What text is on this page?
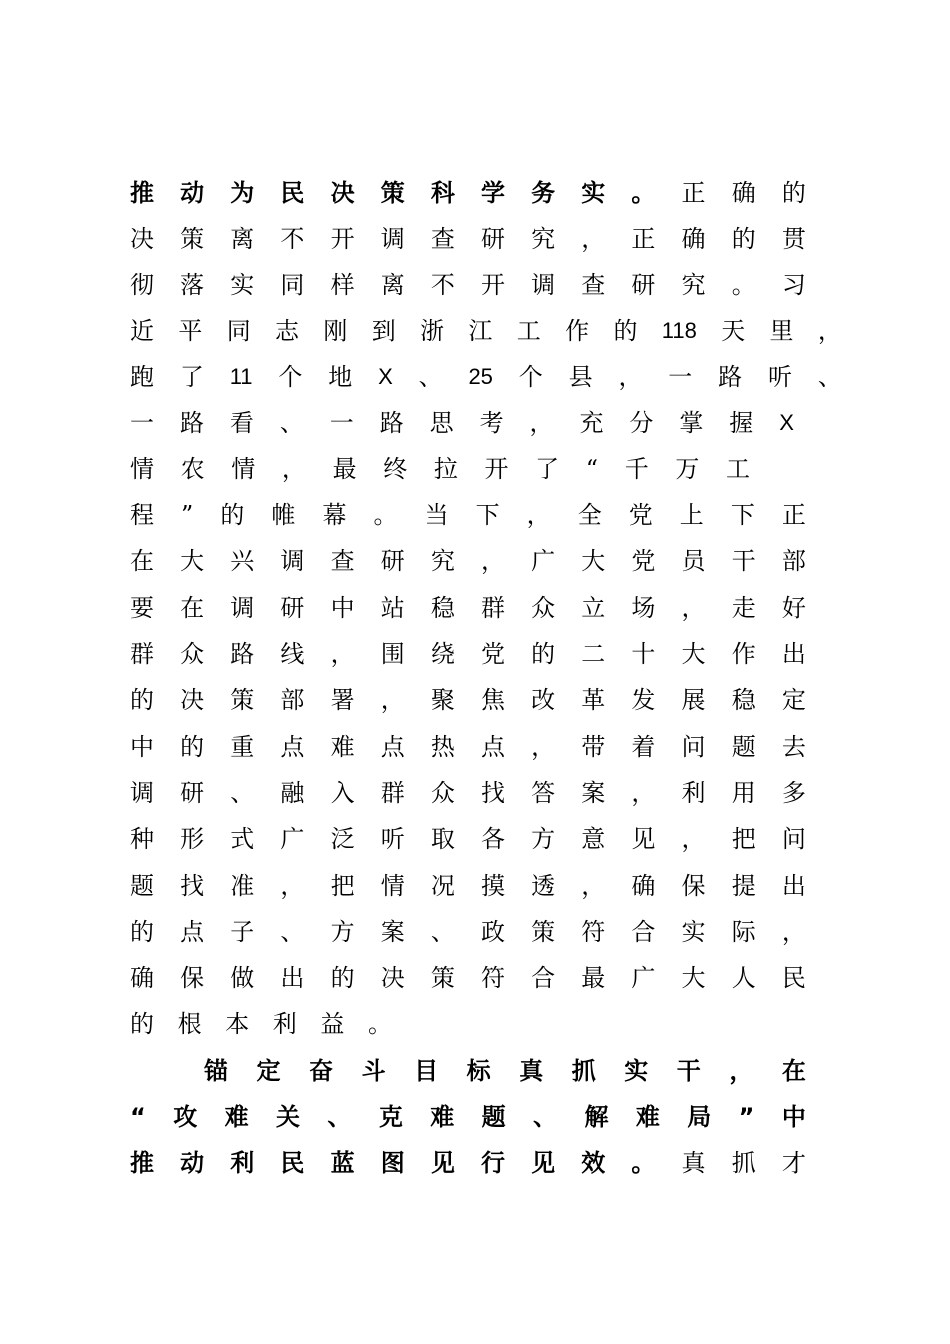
推 动 为 民 决 策 科 学 务 实 。 正 确 的
决 策 离 不 开 调 查 研 究 ， 正 确 的 贯
彻 落 实 同 样 离 不 开 调 查 研 究 。 习
近 平 同 志 刚 到 浙 江 工 作 的 118 天 里 ，
跑 了 11 个 地 X 、 25 个 县 ， 一 路 听 、
一 路 看 、 一 路 思 考 ， 充 分 掌 握 X
情 农 情 ， 最 终 拉 开 了 “ 千 万 工
程 ” 的 帷 幕 。 当 下 ， 全 党 上 下 正
在 大 兴 调 查 研 究 ， 广 大 党 员 干 部
要 在 调 研 中 站 稳 群 众 立 场 ， 走 好
群 众 路 线 ， 围 绕 党 的 二 十 大 作 出
的 决 策 部 署 ， 聚 焦 改 革 发 展 稳 定
中 的 重 点 难 点 热 点 ， 带 着 问 题 去
调 研 、 融 入 群 众 找 答 案 ， 利 用 多
种 形 式 广 泛 听 取 各 方 意 见 ， 把 问
题 找 准 ， 把 情 况 摸 透 ， 确 保 提 出
的 点 子 、 方 案 、 政 策 符 合 实 际 ，
确 保 做 出 的 决 策 符 合 最 广 大 人 民
的 根 本 利 益 。
锚 定 奋 斗 目 标 真 抓 实 干 ， 在
“ 攻 难 关 、 克 难 题 、 解 难 局 ” 中
推 动 利 民 蓝 图 见 行 见 效 。 真 抓 才
